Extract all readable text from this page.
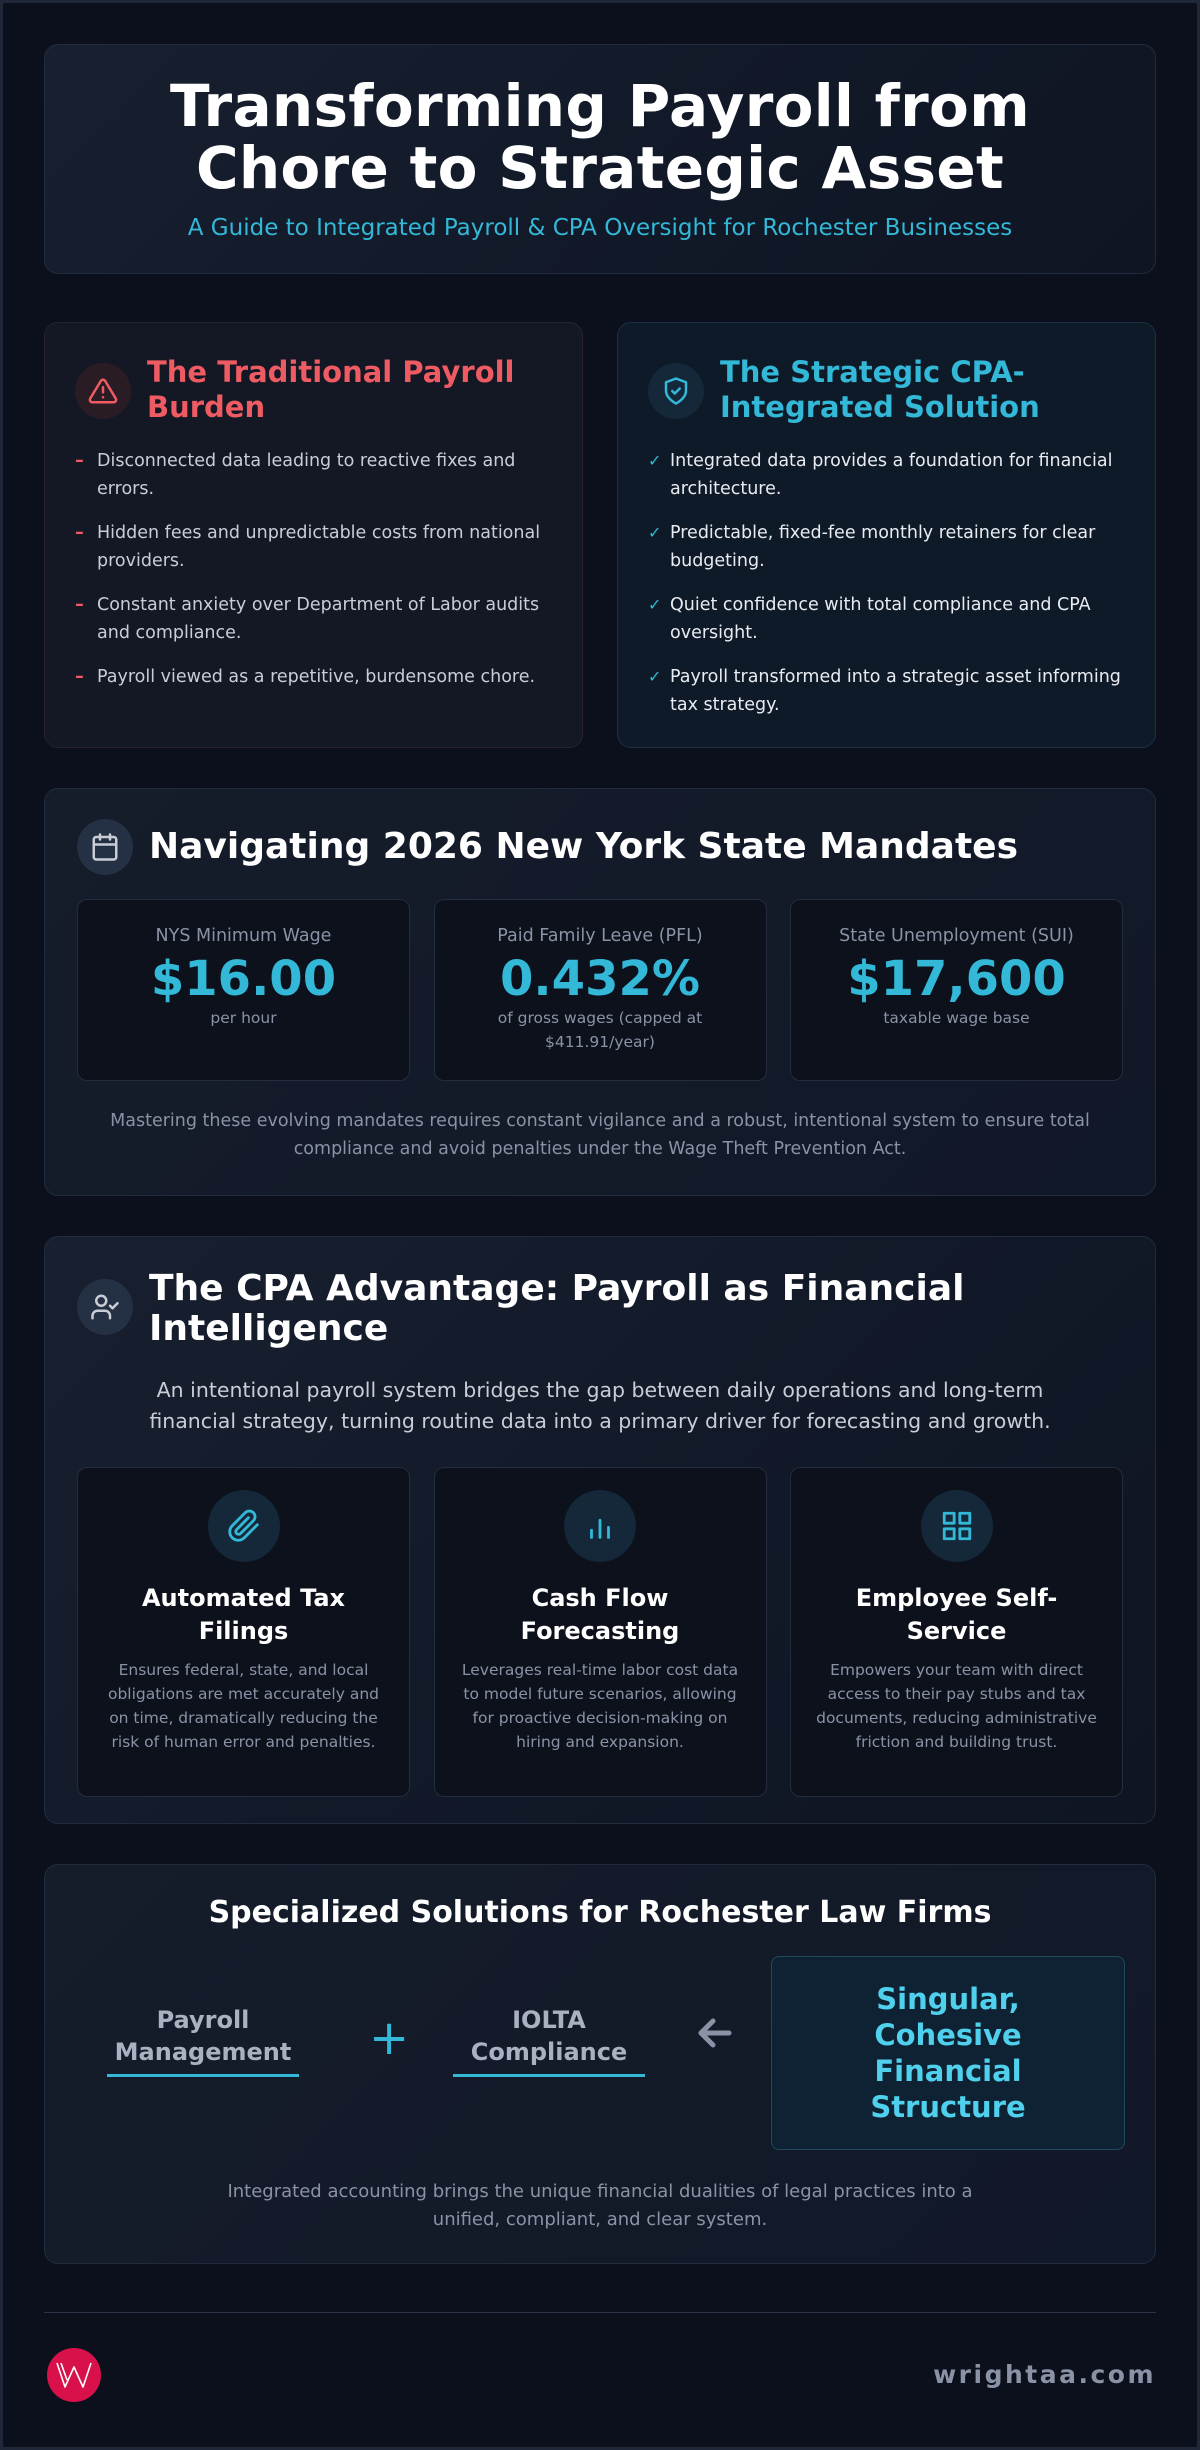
Transforming Payroll from
Chore to Strategic Asset
A Guide to Integrated Payroll & CPA Oversight for Rochester Businesses
The Traditional Payroll Burden
– Disconnected data leading to reactive fixes and errors.
– Hidden fees and unpredictable costs from national providers.
– Constant anxiety over Department of Labor audits and compliance.
– Payroll viewed as a repetitive, burdensome chore.
The Strategic CPA-Integrated Solution
✓ Integrated data provides a foundation for financial architecture.
✓ Predictable, fixed-fee monthly retainers for clear budgeting.
✓ Quiet confidence with total compliance and CPA oversight.
✓ Payroll transformed into a strategic asset informing tax strategy.
Navigating 2026 New York State Mandates
NYS Minimum Wage
$16.00
per hour
Paid Family Leave (PFL)
0.432%
of gross wages (capped at $411.91/year)
State Unemployment (SUI)
$17,600
taxable wage base

Mastering these evolving mandates requires constant vigilance and a robust, intentional system to ensure total compliance and avoid penalties under the Wage Theft Prevention Act.

The CPA Advantage: Payroll as Financial Intelligence

An intentional payroll system bridges the gap between daily operations and long-term financial strategy, turning routine data into a primary driver for forecasting and growth.

Automated Tax Filings

Ensures federal, state, and local obligations are met accurately and on time, dramatically reducing the risk of human error and penalties.

Cash Flow Forecasting

Leverages real-time labor cost data to model future scenarios, allowing for proactive decision-making on hiring and expansion.

Employee Self-Service

Empowers your team with direct access to their pay stubs and tax documents, reducing administrative friction and building trust.

Specialized Solutions for Rochester Law Firms
Payroll Management +	IOLTA Compliance
Singular, Cohesive Financial Structure

Integrated accounting brings the unique financial dualities of legal practices into a unified, compliant, and clear system.

wrightaa.com
